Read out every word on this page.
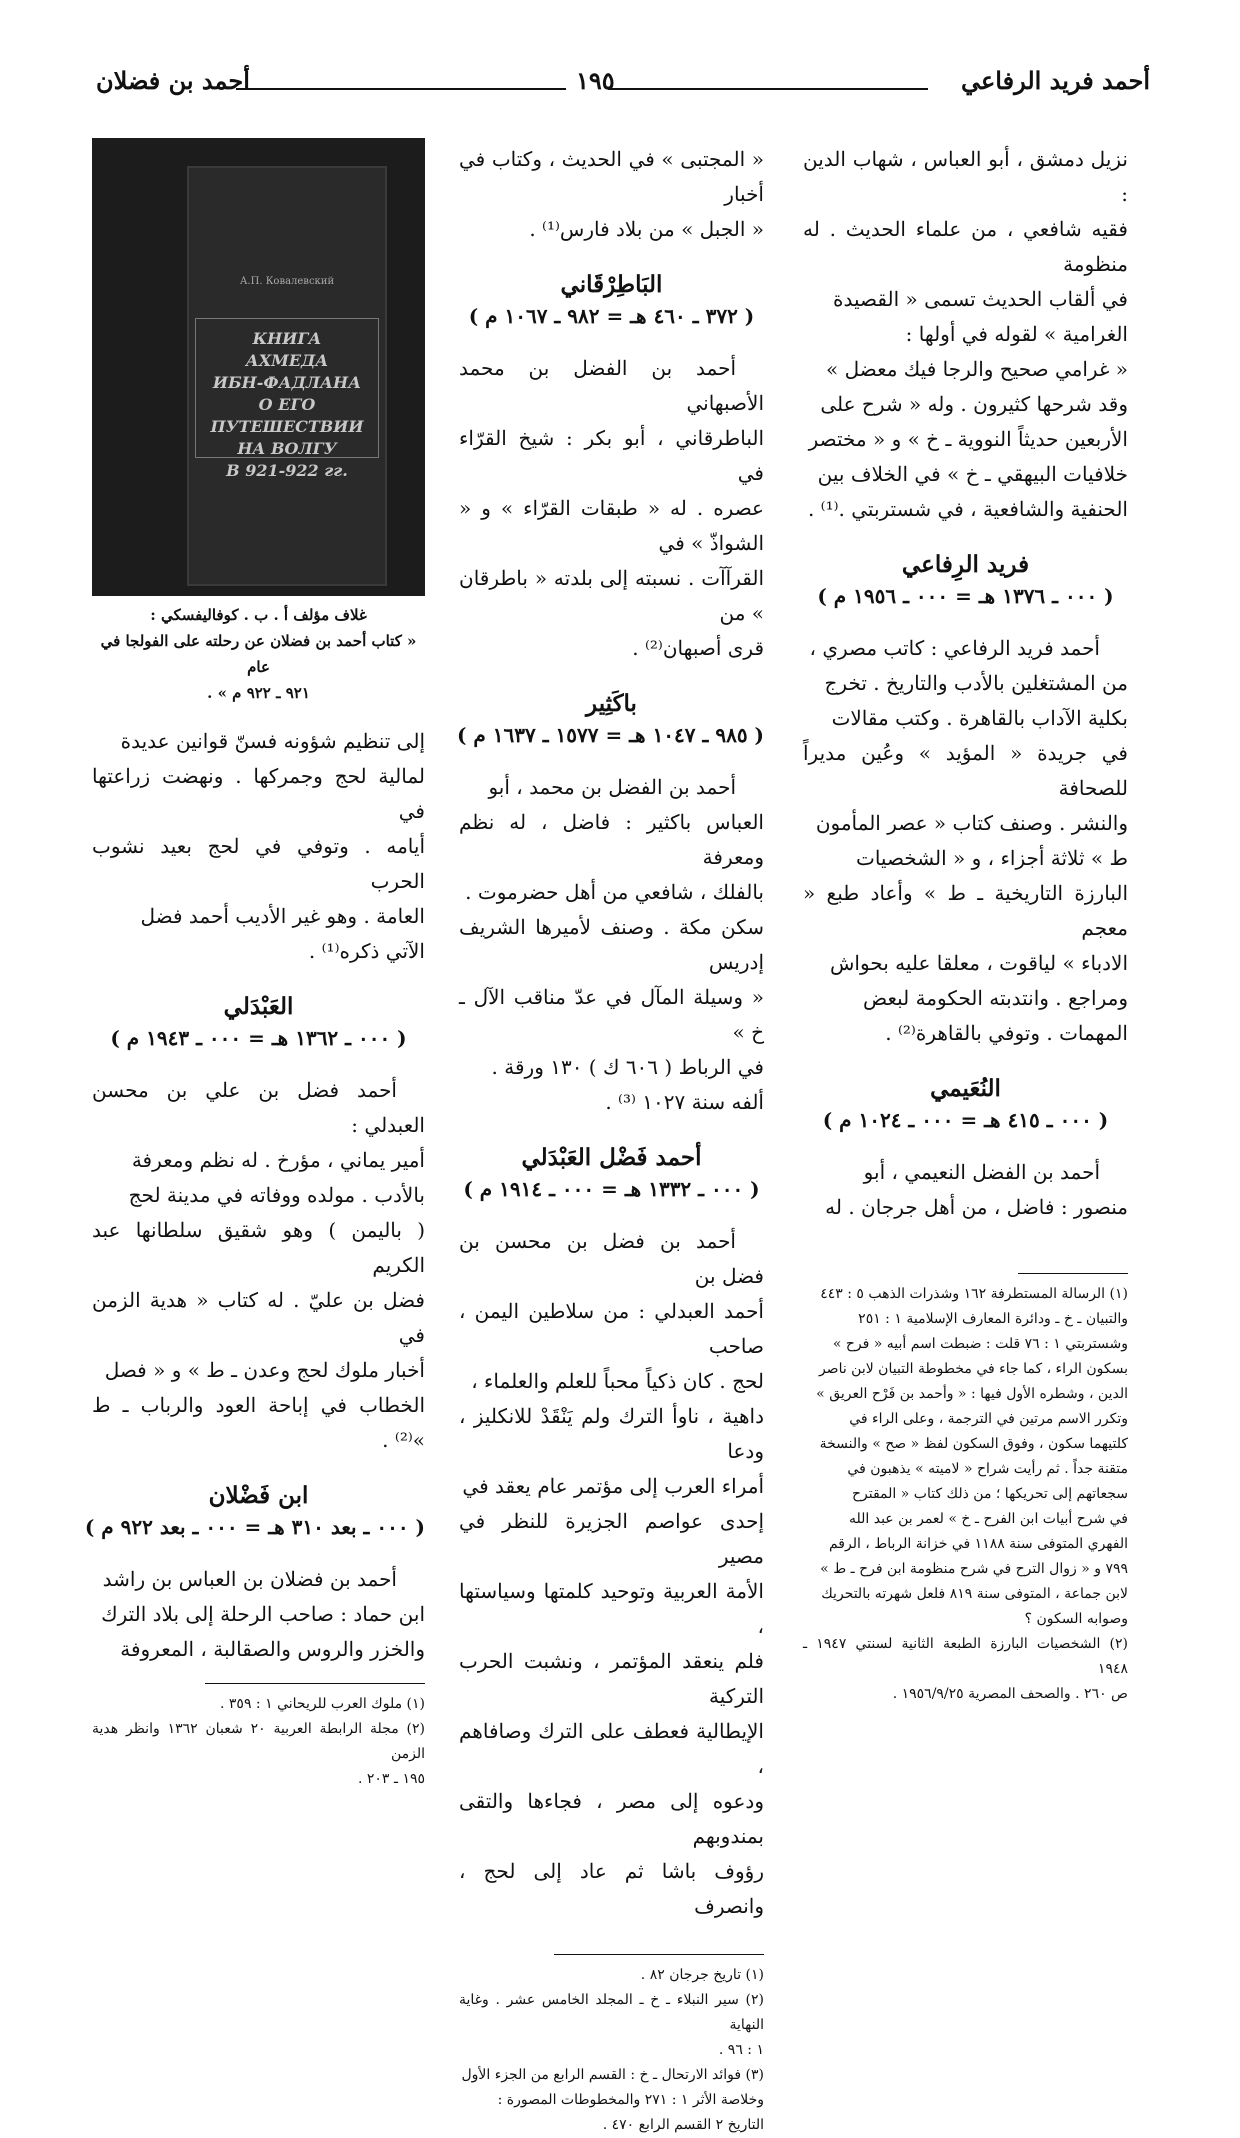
أحمد فريد الرفاعي
١٩٥
أحمد بن فضلان

نزيل دمشق ، أبو العباس ، شهاب الدين :

فقيه شافعي ، من علماء الحديث . له منظومة

في ألقاب الحديث تسمى « القصيدة

الغرامية » لقوله في أولها :

« غرامي صحيح والرجا فيك معضل »

وقد شرحها كثيرون . وله « شرح على

الأربعين حديثاً النووية ـ خ » و « مختصر

خلافيات البيهقي ـ خ » في الخلاف بين

الحنفية والشافعية ، في شستربتي .⁽¹⁾ .

فريد الرِفاعي
( ٠٠٠ ـ ١٣٧٦ هـ = ٠٠٠ ـ ١٩٥٦ م )

أحمد فريد الرفاعي : كاتب مصري ،

من المشتغلين بالأدب والتاريخ . تخرج

بكلية الآداب بالقاهرة . وكتب مقالات

في جريدة « المؤيد » وعُين مديراً للصحافة

والنشر . وصنف كتاب « عصر المأمون

ط » ثلاثة أجزاء ، و « الشخصيات

البارزة التاريخية ـ ط » وأعاد طبع « معجم

الادباء » لياقوت ، معلقا عليه بحواش

ومراجع . وانتدبته الحكومة لبعض

المهمات . وتوفي بالقاهرة⁽²⁾ .

النُعَيمي
( ٠٠٠ ـ ٤١٥ هـ = ٠٠٠ ـ ١٠٢٤ م )

أحمد بن الفضل النعيمي ، أبو

منصور : فاضل ، من أهل جرجان . له

(١) الرسالة المستطرفة ١٦٢ وشذرات الذهب ٥ : ٤٤٣

والتبيان ـ خ ـ ودائرة المعارف الإسلامية ١ : ٢٥١

وشستربتي ١ : ٧٦ قلت : ضبطت اسم أبيه « فرح »

بسكون الراء ، كما جاء في مخطوطة التبيان لابن ناصر

الدين ، وشطره الأول فيها : « وأحمد بن فَرْح العريق »

وتكرر الاسم مرتين في الترجمة ، وعلى الراء في

كلتيهما سكون ، وفوق السكون لفظ « صح » والنسخة

متقنة جداً . ثم رأيت شراح « لاميته » يذهبون في

سجعاتهم إلى تحريكها ؛ من ذلك كتاب « المقترح

في شرح أبيات ابن الفرح ـ خ » لعمر بن عبد الله

الفهري المتوفى سنة ١١٨٨ في خزانة الرباط ، الرقم

٧٩٩ و « زوال الترح في شرح منظومة ابن فرح ـ ط »

لابن جماعة ، المتوفى سنة ٨١٩ فلعل شهرته بالتحريك

وصوابه السكون ؟

(٢) الشخصيات البارزة الطبعة الثانية لسنتي ١٩٤٧ ـ ١٩٤٨

ص ٢٦٠ . والصحف المصرية ١٩٥٦/٩/٢٥ .

« المجتبى » في الحديث ، وكتاب في أخبار

« الجبل » من بلاد فارس⁽¹⁾ .

البَاطِرْقَاني
( ٣٧٢ ـ ٤٦٠ هـ = ٩٨٢ ـ ١٠٦٧ م )

أحمد بن الفضل بن محمد الأصبهاني

الباطرقاني ، أبو بكر : شيخ القرّاء في

عصره . له « طبقات القرّاء » و « الشواذّ » في

القرآآت . نسبته إلى بلدته « باطرقان » من

قرى أصبهان⁽²⁾ .

باكَثِير
( ٩٨٥ ـ ١٠٤٧ هـ = ١٥٧٧ ـ ١٦٣٧ م )

أحمد بن الفضل بن محمد ، أبو

العباس باكثير : فاضل ، له نظم ومعرفة

بالفلك ، شافعي من أهل حضرموت .

سكن مكة . وصنف لأميرها الشريف إدريس

« وسيلة المآل في عدّ مناقب الآل ـ خ »

في الرباط ( ٦٠٦ ك ) ١٣٠ ورقة .

ألفه سنة ١٠٢٧ ⁽³⁾ .

أحمد فَضْل العَبْدَلي
( ٠٠٠ ـ ١٣٣٢ هـ = ٠٠٠ ـ ١٩١٤ م )

أحمد بن فضل بن محسن بن فضل بن

أحمد العبدلي : من سلاطين اليمن ، صاحب

لحج . كان ذكياً محباً للعلم والعلماء ،

داهية ، ناوأ الترك ولم يَنْقَدْ للانكليز ، ودعا

أمراء العرب إلى مؤتمر عام يعقد في

إحدى عواصم الجزيرة للنظر في مصير

الأمة العربية وتوحيد كلمتها وسياستها ،

فلم ينعقد المؤتمر ، ونشبت الحرب التركية

الإيطالية فعطف على الترك وصافاهم ،

ودعوه إلى مصر ، فجاءها والتقى بمندوبهم

رؤوف باشا ثم عاد إلى لحج ، وانصرف

(١) تاريخ جرجان ٨٢ .

(٢) سير النبلاء ـ خ ـ المجلد الخامس عشر . وغاية النهاية

١ : ٩٦ .

(٣) فوائد الارتحال ـ خ : القسم الرابع من الجزء الأول

وخلاصة الأثر ١ : ٢٧١ والمخطوطات المصورة :

التاريخ ٢ القسم الرابع ٤٧٠ .

А.П. Ковалевский

КНИГА

АХМЕДА

ИБН-ФАДЛАНА

О ЕГО ПУТЕШЕСТВИИ

НА ВОЛГУ

В 921-922 гг.

غلاف مؤلف أ . ب . كوفاليفسكي :

« كتاب أحمد بن فضلان عن رحلته على الفولجا في عام

٩٢١ ـ ٩٢٢ م » .

إلى تنظيم شؤونه فسنّ قوانين عديدة

لمالية لحج وجمركها . ونهضت زراعتها في

أيامه . وتوفي في لحج بعيد نشوب الحرب

العامة . وهو غير الأديب أحمد فضل

الآتي ذكره⁽¹⁾ .

العَبْدَلي
( ٠٠٠ ـ ١٣٦٢ هـ = ٠٠٠ ـ ١٩٤٣ م )

أحمد فضل بن علي بن محسن العبدلي :

أمير يماني ، مؤرخ . له نظم ومعرفة

بالأدب . مولده ووفاته في مدينة لحج

( باليمن ) وهو شقيق سلطانها عبد الكريم

فضل بن عليّ . له كتاب « هدية الزمن في

أخبار ملوك لحج وعدن ـ ط » و « فصل

الخطاب في إباحة العود والرباب ـ ط »⁽²⁾ .

ابن فَضْلان
( ٠٠٠ ـ بعد ٣١٠ هـ = ٠٠٠ ـ بعد ٩٢٢ م )

أحمد بن فضلان بن العباس بن راشد

ابن حماد : صاحب الرحلة إلى بلاد الترك

والخزر والروس والصقالبة ، المعروفة

(١) ملوك العرب للريحاني ١ : ٣٥٩ .

(٢) مجلة الرابطة العربية ٢٠ شعبان ١٣٦٢ وانظر هدية الزمن

١٩٥ ـ ٢٠٣ .
